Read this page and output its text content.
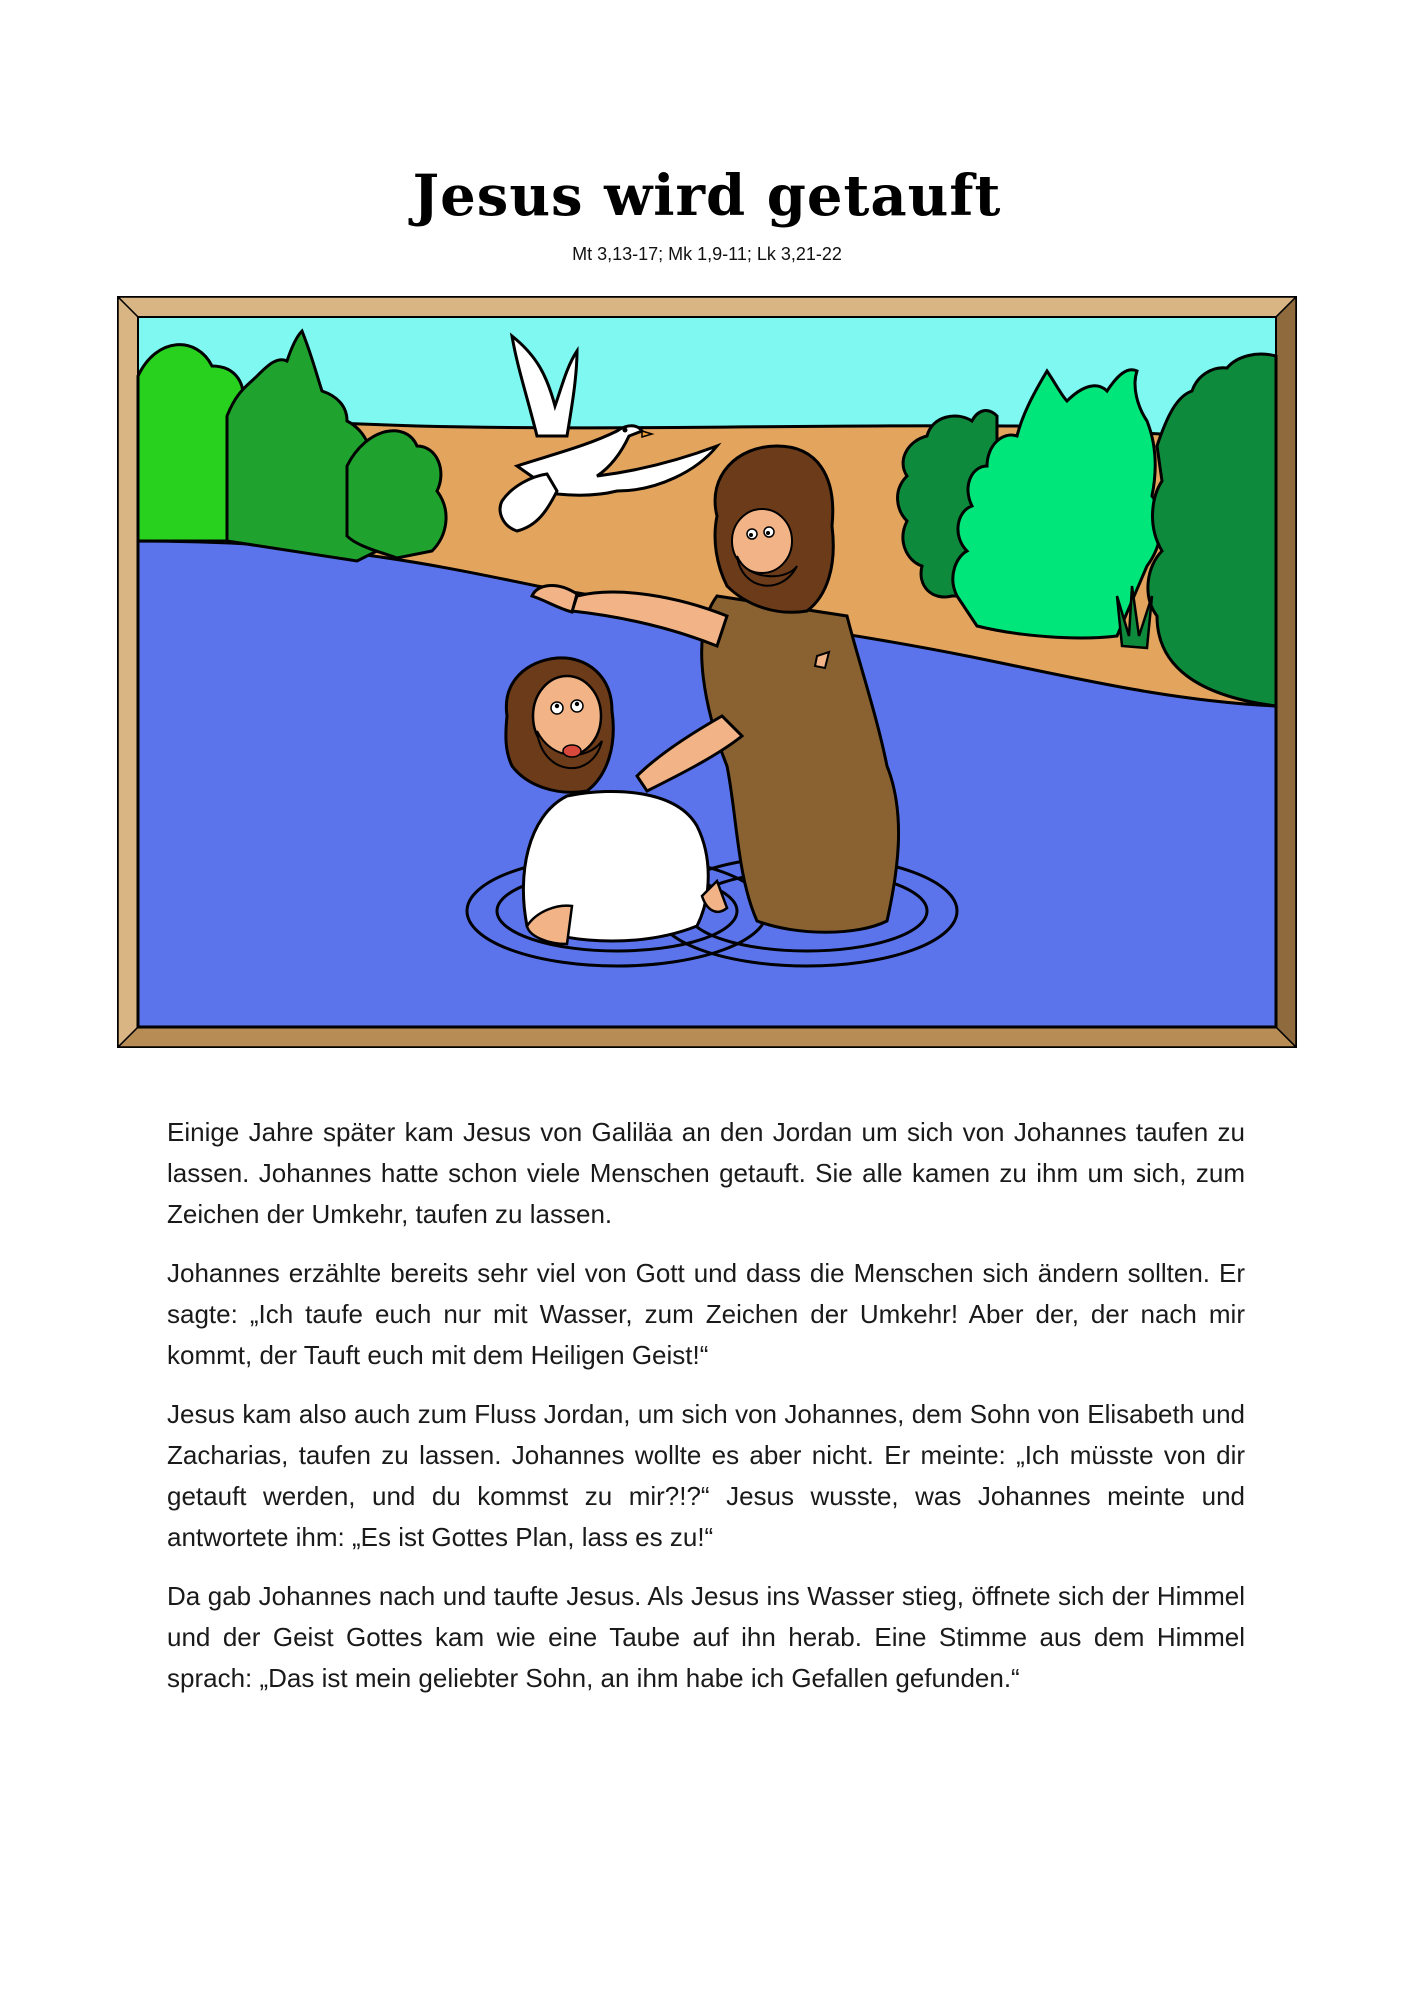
Jesus wird getauft
Mt 3,13-17; Mk 1,9-11; Lk 3,21-22

Einige Jahre später kam Jesus von Galiläa an den Jordan um sich von Johannes taufen zu lassen. Johannes hatte schon viele Menschen getauft. Sie alle kamen zu ihm um sich, zum Zeichen der Umkehr, taufen zu lassen.

Johannes erzählte bereits sehr viel von Gott und dass die Menschen sich ändern sollten. Er sagte: „Ich taufe euch nur mit Wasser, zum Zeichen der Umkehr! Aber der, der nach mir kommt, der Tauft euch mit dem Heiligen Geist!“

Jesus kam also auch zum Fluss Jordan, um sich von Johannes, dem Sohn von Elisabeth und Zacharias, taufen zu lassen. Johannes wollte es aber nicht. Er meinte: „Ich müsste von dir getauft werden, und du kommst zu mir?!?“ Jesus wusste, was Johannes meinte und antwortete ihm: „Es ist Gottes Plan, lass es zu!“

Da gab Johannes nach und taufte Jesus. Als Jesus ins Wasser stieg, öffnete sich der Himmel und der Geist Gottes kam wie eine Taube auf ihn herab. Eine Stimme aus dem Himmel sprach: „Das ist mein geliebter Sohn, an ihm habe ich Gefallen gefunden.“
